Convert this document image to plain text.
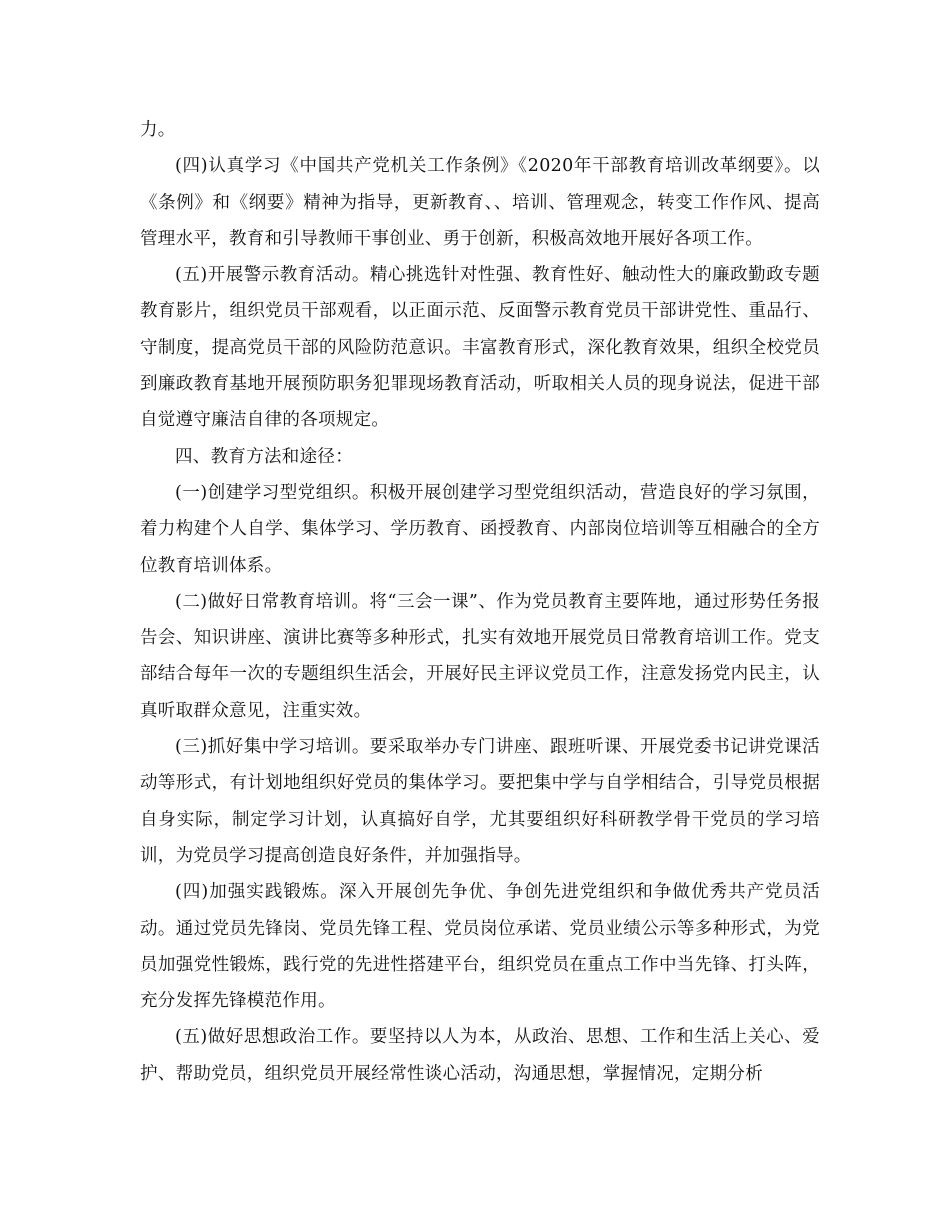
力。

(四)认真学习《中国共产党机关工作条例》《2020年干部教育培训改革纲要》。以《条例》和《纲要》精神为指导，更新教育、、培训、管理观念，转变工作作风、提高管理水平，教育和引导教师干事创业、勇于创新，积极高效地开展好各项工作。

(五)开展警示教育活动。精心挑选针对性强、教育性好、触动性大的廉政勤政专题教育影片，组织党员干部观看，以正面示范、反面警示教育党员干部讲党性、重品行、守制度，提高党员干部的风险防范意识。丰富教育形式，深化教育效果，组织全校党员到廉政教育基地开展预防职务犯罪现场教育活动，听取相关人员的现身说法，促进干部自觉遵守廉洁自律的各项规定。

四、教育方法和途径：

(一)创建学习型党组织。积极开展创建学习型党组织活动，营造良好的学习氛围，着力构建个人自学、集体学习、学历教育、函授教育、内部岗位培训等互相融合的全方位教育培训体系。

(二)做好日常教育培训。将“三会一课”、作为党员教育主要阵地，通过形势任务报告会、知识讲座、演讲比赛等多种形式，扎实有效地开展党员日常教育培训工作。党支部结合每年一次的专题组织生活会，开展好民主评议党员工作，注意发扬党内民主，认真听取群众意见，注重实效。

(三)抓好集中学习培训。要采取举办专门讲座、跟班听课、开展党委书记讲党课活动等形式，有计划地组织好党员的集体学习。要把集中学与自学相结合，引导党员根据自身实际，制定学习计划，认真搞好自学，尤其要组织好科研教学骨干党员的学习培训，为党员学习提高创造良好条件，并加强指导。

(四)加强实践锻炼。深入开展创先争优、争创先进党组织和争做优秀共产党员活动。通过党员先锋岗、党员先锋工程、党员岗位承诺、党员业绩公示等多种形式，为党员加强党性锻炼，践行党的先进性搭建平台，组织党员在重点工作中当先锋、打头阵，充分发挥先锋模范作用。

(五)做好思想政治工作。要坚持以人为本，从政治、思想、工作和生活上关心、爱护、帮助党员，组织党员开展经常性谈心活动，沟通思想，掌握情况，定期分析
